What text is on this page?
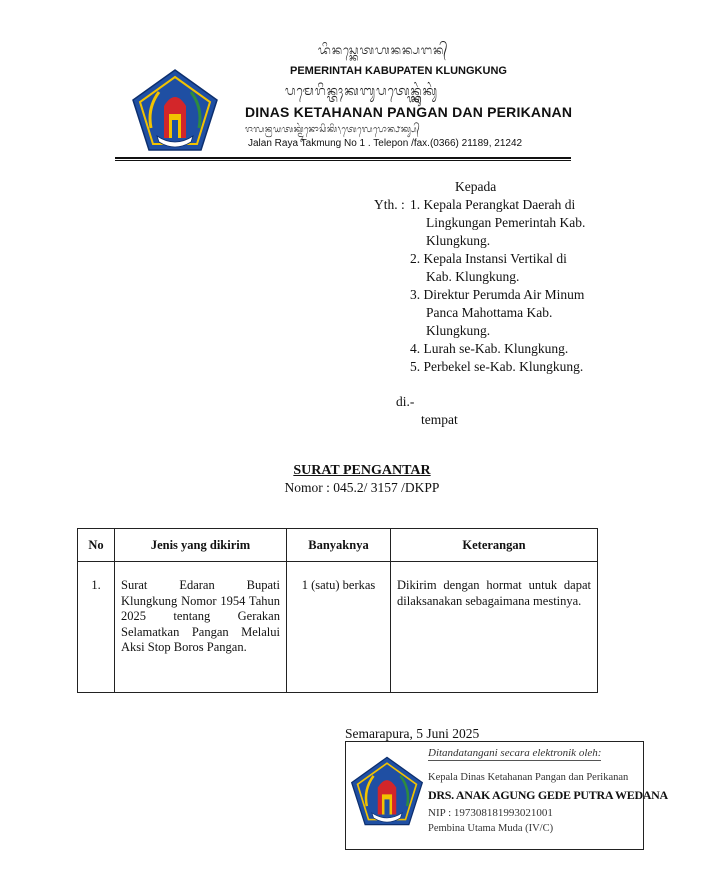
ᬤᬶᬦᬲ᭄ᬓᬾᬢᬳᬦᬦ᭄ᬧᬗᬦ᭄
PEMERINTAH KABUPATEN KLUNGKUNG
ᬧᬫᬾᬭᬶᬦ᭄ᬢᬄᬓᬩᬸᬧᬢᬾᬦ᭄ᬓ᭄ᬮᬸᬂᬓᬸᬂ
DINAS KETAHANAN PANGAN DAN PERIKANAN
ᬚᬮᬦ᭄ᬭᬬᬢᬓ᭄ᬫᬸᬂᬦᭀᬲᬶᬓᬶ᭞ᬢᬾᬮᬾᬧᭀᬦ᭄ᬨᬓ᭄ᬲ᭄
Jalan Raya Takmung No 1 . Telepon /fax.(0366) 21189, 21242
Kepada
Yth. : 1. Kepala Perangkat Daerah di
Lingkungan Pemerintah Kab.
Klungkung.
2. Kepala Instansi Vertikal di
Kab. Klungkung.
3. Direktur Perumda Air Minum
Panca Mahottama Kab.
Klungkung.
4. Lurah se-Kab. Klungkung.
5. Perbekel se-Kab. Klungkung.
di.-
tempat
SURAT PENGANTAR
Nomor : 045.2/ 3157 /DKPP
No	Jenis yang dikirim	Banyaknya	Keterangan
1.	Surat Edaran Bupati Klungkung Nomor 1954 Tahun 2025 tentang Gerakan Selamatkan Pangan Melalui Aksi Stop Boros Pangan.	1 (satu) berkas	Dikirim dengan hormat untuk dapat dilaksanakan sebagaimana mestinya.
Semarapura, 5 Juni 2025
Ditandatangani secara elektronik oleh:
Kepala Dinas Ketahanan Pangan dan Perikanan
DRS. ANAK AGUNG GEDE PUTRA WEDANA
NIP : 197308181993021001
Pembina Utama Muda (IV/C)
